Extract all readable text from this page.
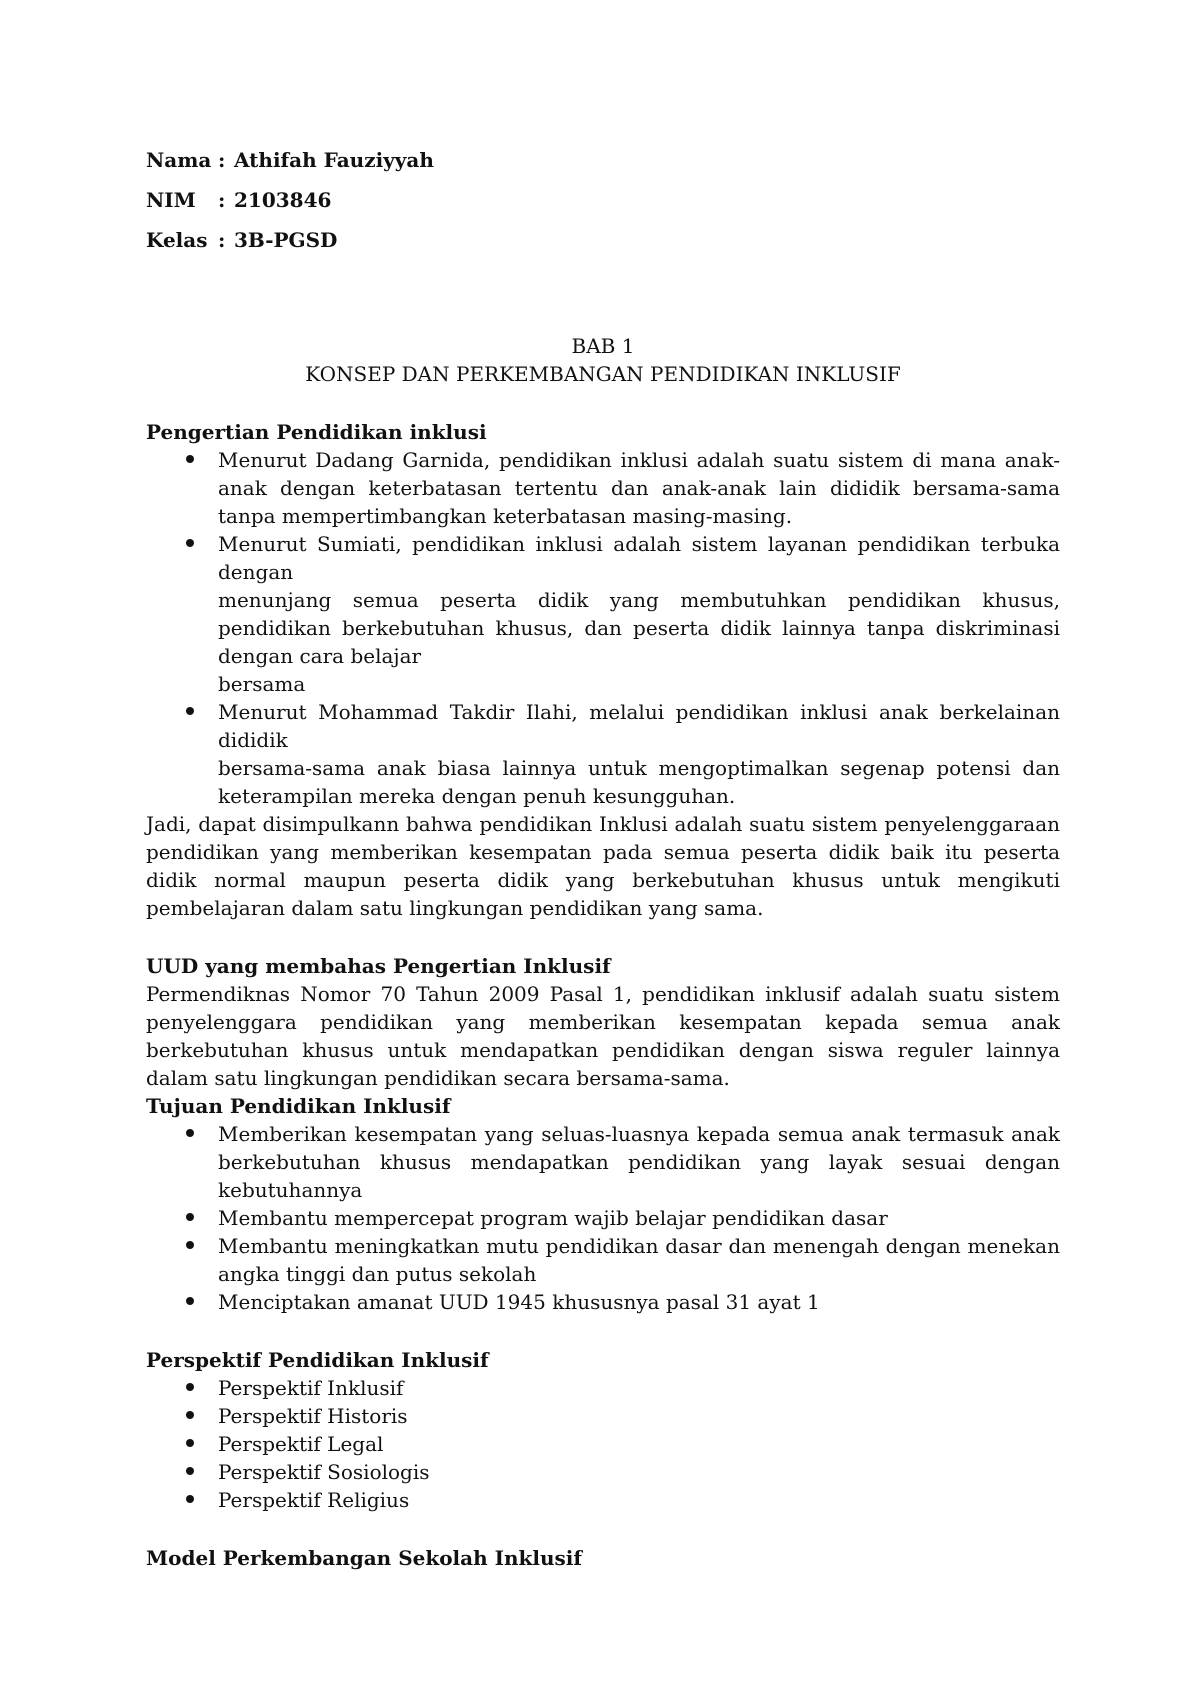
Nama : Athifah Fauziyyah
NIM	: 2103846
Kelas : 3B-PGSD
BAB 1
KONSEP DAN PERKEMBANGAN PENDIDIKAN INKLUSIF
Pengertian Pendidikan inklusi
Menurut Dadang Garnida, pendidikan inklusi adalah suatu sistem di mana anak-anak dengan keterbatasan tertentu dan anak-anak lain dididik bersama-sama tanpa mempertimbangkan keterbatasan masing-masing.
Menurut Sumiati, pendidikan inklusi adalah sistem layanan pendidikan terbuka dengan
menunjang semua peserta didik yang membutuhkan pendidikan khusus, pendidikan berkebutuhan khusus, dan peserta didik lainnya tanpa diskriminasi dengan cara belajar
bersama
Menurut Mohammad Takdir Ilahi, melalui pendidikan inklusi anak berkelainan dididik
bersama-sama anak biasa lainnya untuk mengoptimalkan segenap potensi dan keterampilan mereka dengan penuh kesungguhan.

Jadi, dapat disimpulkann bahwa pendidikan Inklusi adalah suatu sistem penyelenggaraan pendidikan yang memberikan kesempatan pada semua peserta didik baik itu peserta didik normal maupun peserta didik yang berkebutuhan khusus untuk mengikuti pembelajaran dalam satu lingkungan pendidikan yang sama.

UUD yang membahas Pengertian Inklusif

Permendiknas Nomor 70 Tahun 2009 Pasal 1, pendidikan inklusif adalah suatu sistem penyelenggara pendidikan yang memberikan kesempatan kepada semua anak berkebutuhan khusus untuk mendapatkan pendidikan dengan siswa reguler lainnya dalam satu lingkungan pendidikan secara bersama-sama.

Tujuan Pendidikan Inklusif
Memberikan kesempatan yang seluas-luasnya kepada semua anak termasuk anak berkebutuhan khusus mendapatkan pendidikan yang layak sesuai dengan kebutuhannya
Membantu mempercepat program wajib belajar pendidikan dasar
Membantu meningkatkan mutu pendidikan dasar dan menengah dengan menekan angka tinggi dan putus sekolah
Menciptakan amanat UUD 1945 khususnya pasal 31 ayat 1
Perspektif Pendidikan Inklusif
Perspektif Inklusif
Perspektif Historis
Perspektif Legal
Perspektif Sosiologis
Perspektif Religius
Model Perkembangan Sekolah Inklusif
